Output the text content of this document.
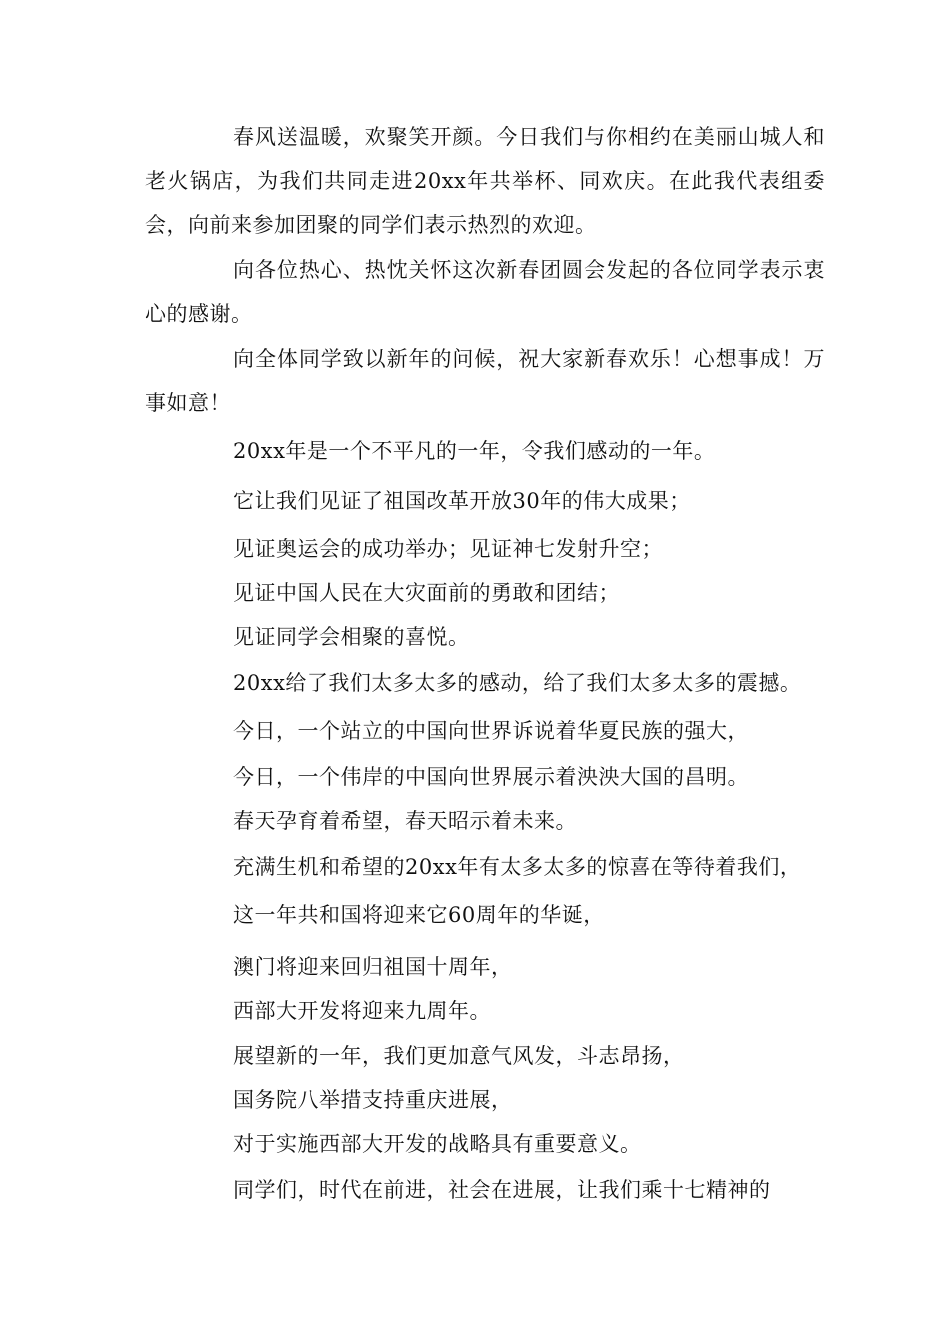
春风送温暖，欢聚笑开颜。今日我们与你相约在美丽山城人和老火锅店，为我们共同走进20xx年共举杯、同欢庆。在此我代表组委会，向前来参加团聚的同学们表示热烈的欢迎。

向各位热心、热忱关怀这次新春团圆会发起的各位同学表示衷心的感谢。

向全体同学致以新年的问候，祝大家新春欢乐！心想事成！万事如意！

20xx年是一个不平凡的一年，令我们感动的一年。

它让我们见证了祖国改革开放30年的伟大成果；

见证奥运会的成功举办；见证神七发射升空；

见证中国人民在大灾面前的勇敢和团结；

见证同学会相聚的喜悦。

20xx给了我们太多太多的感动，给了我们太多太多的震撼。

今日，一个站立的中国向世界诉说着华夏民族的强大，

今日，一个伟岸的中国向世界展示着泱泱大国的昌明。

春天孕育着希望，春天昭示着未来。

充满生机和希望的20xx年有太多太多的惊喜在等待着我们，

这一年共和国将迎来它60周年的华诞，

澳门将迎来回归祖国十周年，

西部大开发将迎来九周年。

展望新的一年，我们更加意气风发，斗志昂扬，

国务院八举措支持重庆进展，

对于实施西部大开发的战略具有重要意义。

同学们，时代在前进，社会在进展，让我们乘十七精神的
